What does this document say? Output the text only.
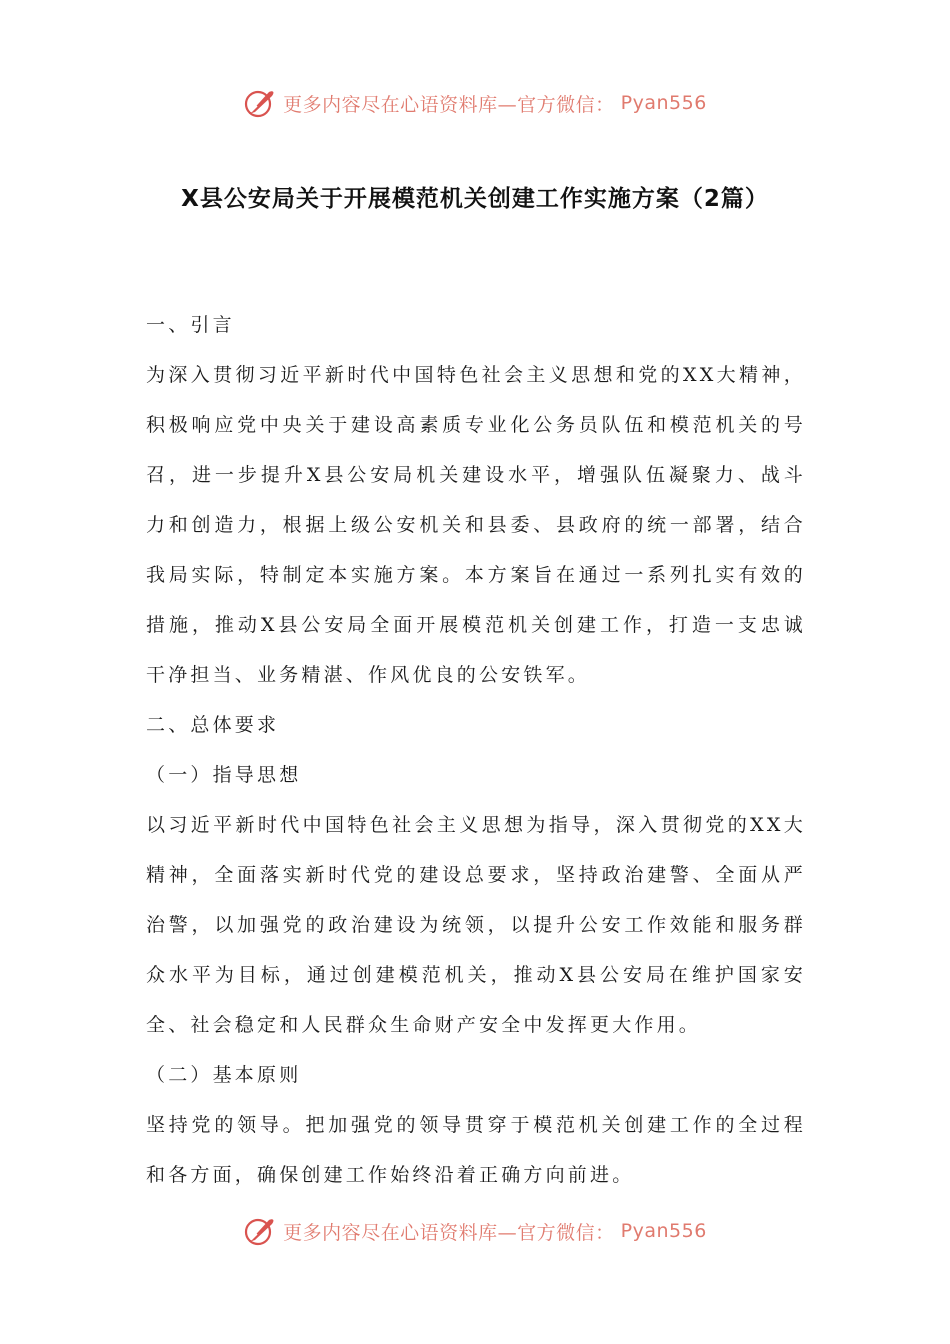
更多内容尽在心语资料库—官方微信： Pyan556
X县公安局关于开展模范机关创建工作实施方案（2篇）

一、引言

为深入贯彻习近平新时代中国特色社会主义思想和党的XX大精神，积极响应党中央关于建设高素质专业化公务员队伍和模范机关的号召，进一步提升X县公安局机关建设水平，增强队伍凝聚力、战斗力和创造力，根据上级公安机关和县委、县政府的统一部署，结合我局实际，特制定本实施方案。本方案旨在通过一系列扎实有效的措施，推动X县公安局全面开展模范机关创建工作，打造一支忠诚干净担当、业务精湛、作风优良的公安铁军。

二、总体要求

（一）指导思想

以习近平新时代中国特色社会主义思想为指导，深入贯彻党的XX大精神，全面落实新时代党的建设总要求，坚持政治建警、全面从严治警，以加强党的政治建设为统领，以提升公安工作效能和服务群众水平为目标，通过创建模范机关，推动X县公安局在维护国家安全、社会稳定和人民群众生命财产安全中发挥更大作用。

（二）基本原则

坚持党的领导。把加强党的领导贯穿于模范机关创建工作的全过程和各方面，确保创建工作始终沿着正确方向前进。

更多内容尽在心语资料库—官方微信： Pyan556
